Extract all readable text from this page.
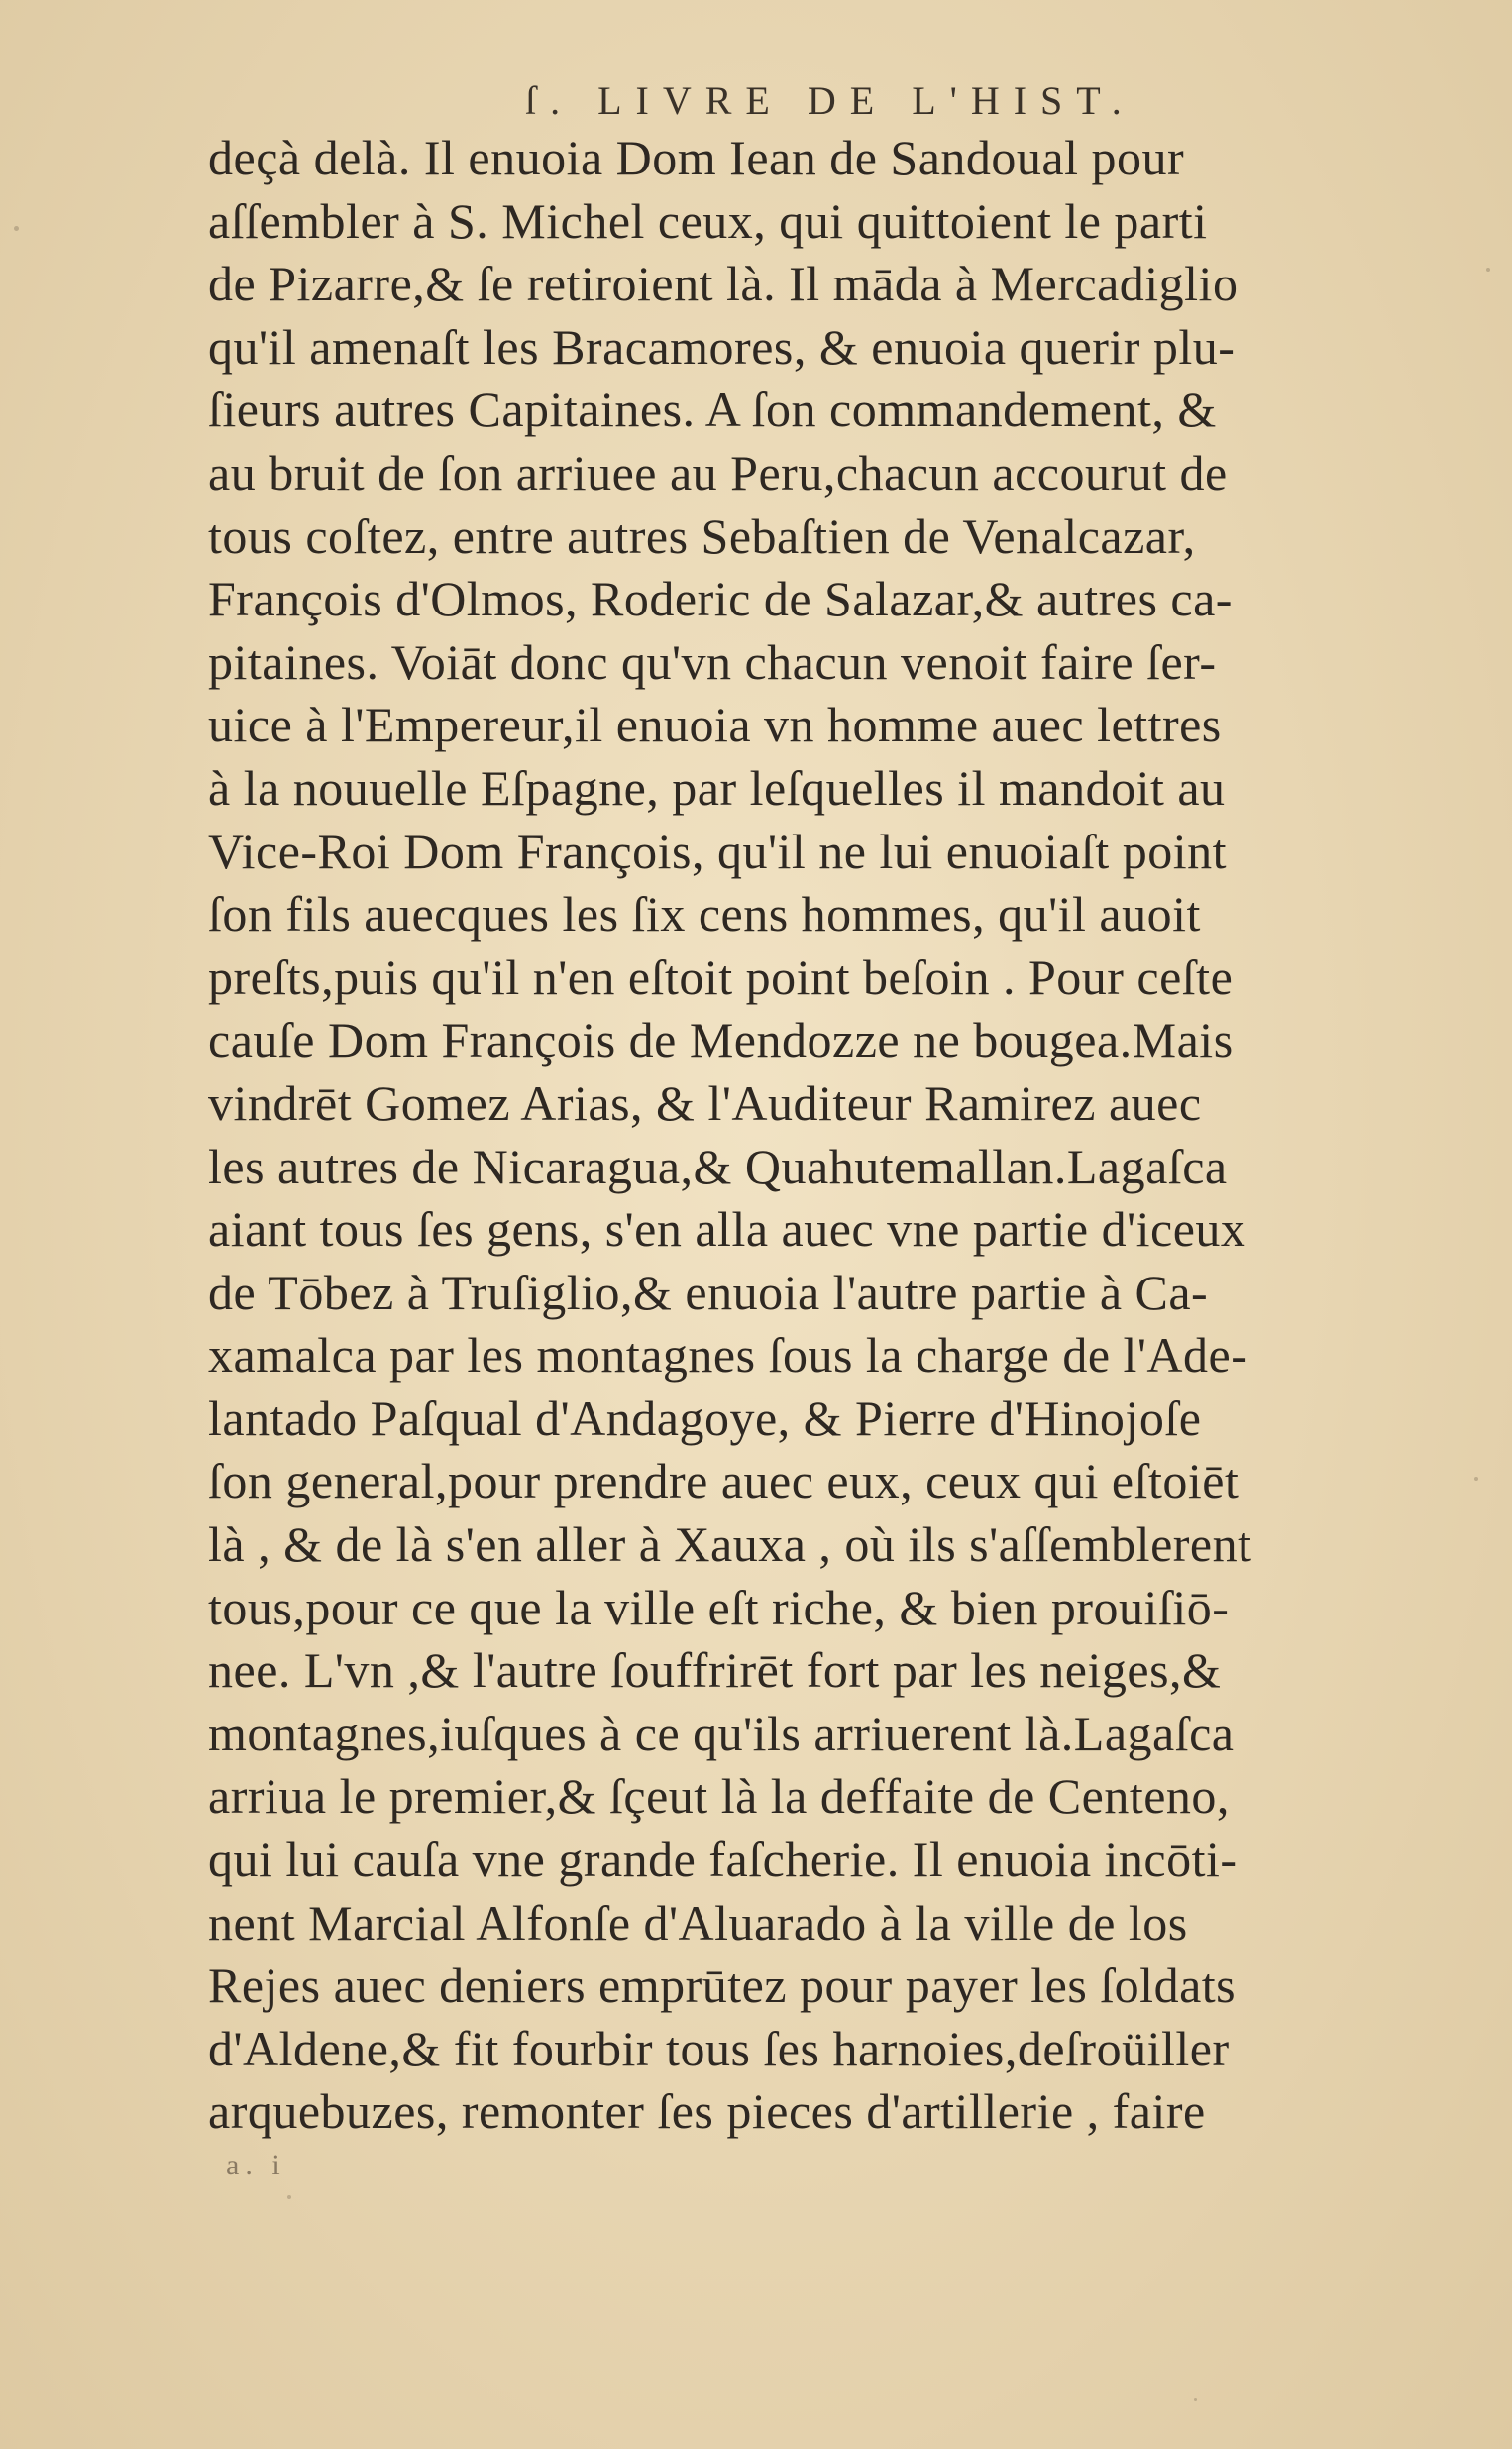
ſ. LIVRE DE L'HIST.
deçà delà. Il enuoia Dom Iean de Sandoual pour
aſſembler à S. Michel ceux, qui quittoient le parti
de Pizarre,& ſe retiroient là. Il māda à Mercadiglio
qu'il amenaſt les Bracamores, & enuoia querir plu-
ſieurs autres Capitaines. A ſon commandement, &
au bruit de ſon arriuee au Peru,chacun accourut de
tous coſtez, entre autres Sebaſtien de Venalcazar,
François d'Olmos, Roderic de Salazar,& autres ca-
pitaines. Voiāt donc qu'vn chacun venoit faire ſer-
uice à l'Empereur,il enuoia vn homme auec lettres
à la nouuelle Eſpagne, par leſquelles il mandoit au
Vice-Roi Dom François, qu'il ne lui enuoiaſt point
ſon fils aueсques les ſix cens hommes, qu'il auoit
preſts,puis qu'il n'en eſtoit point beſoin . Pour ceſte
cauſe Dom François de Mendozze ne bougea.Mais
vindrēt Gomez Arias, & l'Auditeur Ramirez auec
les autres de Nicaragua,& Quahutemallan.Lagaſca
aiant tous ſes gens, s'en alla auec vne partie d'iceux
de Tōbez à Truſiglio,& enuoia l'autre partie à Ca-
xamalca par les montagnes ſous la charge de l'Ade-
lantado Paſqual d'Andagoye, & Pierre d'Hinojoſe
ſon general,pour prendre auec eux, ceux qui eſtoiēt
là , & de là s'en aller à Xauxa , où ils s'aſſemblerent
tous,pour ce que la ville eſt riche, & bien prouiſiō-
nee. L'vn ,& l'autre ſouffrirēt fort par les neiges,&
montagnes,iuſques à ce qu'ils arriuerent là.Lagaſca
arriua le premier,& ſçeut là la deffaite de Centeno,
qui lui cauſa vne grande faſcherie. Il enuoia incōti-
nent Marcial Alfonſe d'Aluarado à la ville de los
Rejes auec deniers emprūtez pour payer les ſoldats
d'Aldene,& fit fourbir tous ſes harnoies,deſroüiller
arquebuzes, remonter ſes pieces d'artillerie , faire
a. i
